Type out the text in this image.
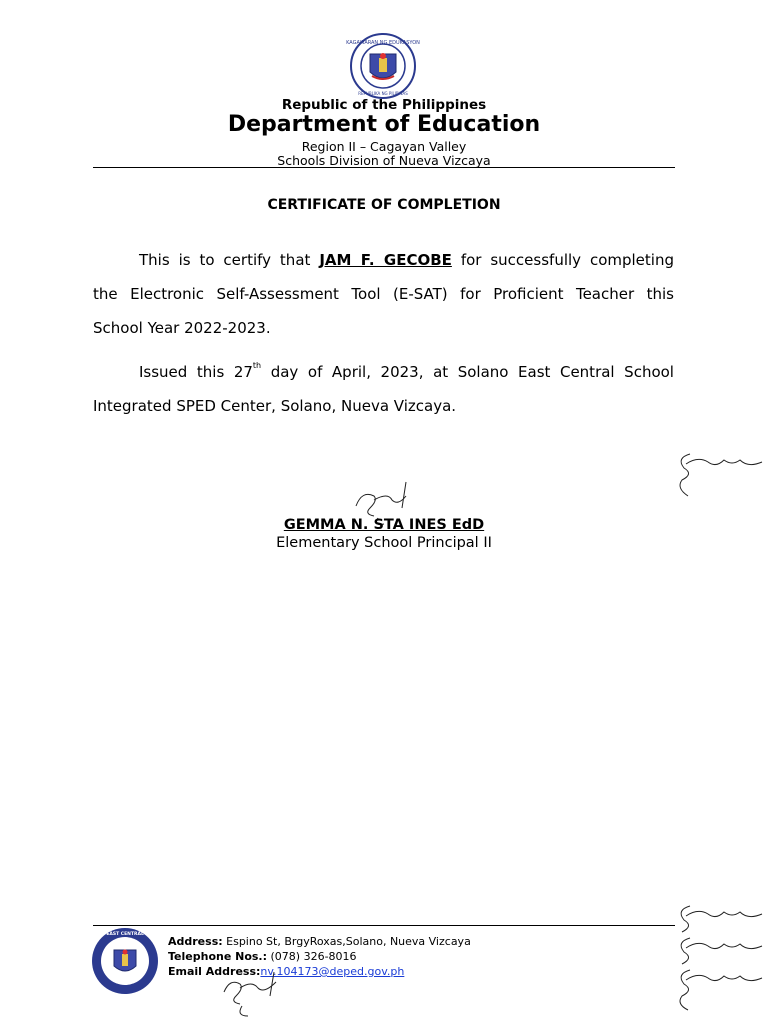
KAGAWARAN NG EDUKASYON
REPUBLIKA NG PILIPINAS
Republic of the Philippines
Department of Education
Region II – Cagayan Valley
Schools Division of Nueva Vizcaya
CERTIFICATE OF COMPLETION
This is to certify that JAM F. GECOBE for successfully completing
the Electronic Self-Assessment Tool (E-SAT) for Proficient Teacher this
School Year 2022-2023.
Issued this 27th day of April, 2023, at Solano East Central School
Integrated SPED Center, Solano, Nueva Vizcaya.
GEMMA N. STA INES EdD
Elementary School Principal II
SOLANO EAST CENTRAL SCHOOL
Address: Espino St, BrgyRoxas,Solano, Nueva Vizcaya
Telephone Nos.: (078) 326-8016
Email Address:nv.104173@deped.gov.ph
